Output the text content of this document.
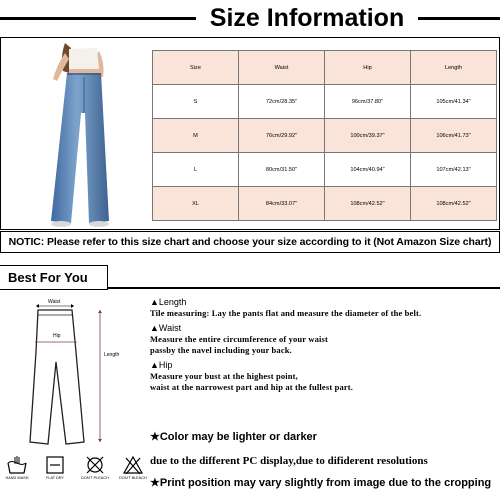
Size Information
Size	Waist	Hip	Length
S	72cm/28.35"	96cm/37.80"	105cm/41.34"
M	76cm/29.92"	100cm/39.37"	106cm/41.73"
L	80cm/31.50"	104cm/40.94"	107cm/42.13"
XL	84cm/33.07"	108cm/42.52"	108cm/42.52"
NOTIC: Please refer to this size chart and choose your size according to it (Not Amazon Size chart)
Best For You
Waist
Hip
Length
▲Length
Tile measuring: Lay the pants flat and measure the diameter of the belt.
▲Waist
Measure the entire circumference of your waist
passby the navel including your back.
▲Hip
Measure your bust at the highest point,
waist at the narrowest part and hip at the fullest part.
★Color may be lighter or darker
due to the different PC display,due to difiderent resolutions
★Print position may vary slightly from image due to the cropping
HAND WASH	FLAT DRY	DON'T PLEACH	DON'T BLEACH
